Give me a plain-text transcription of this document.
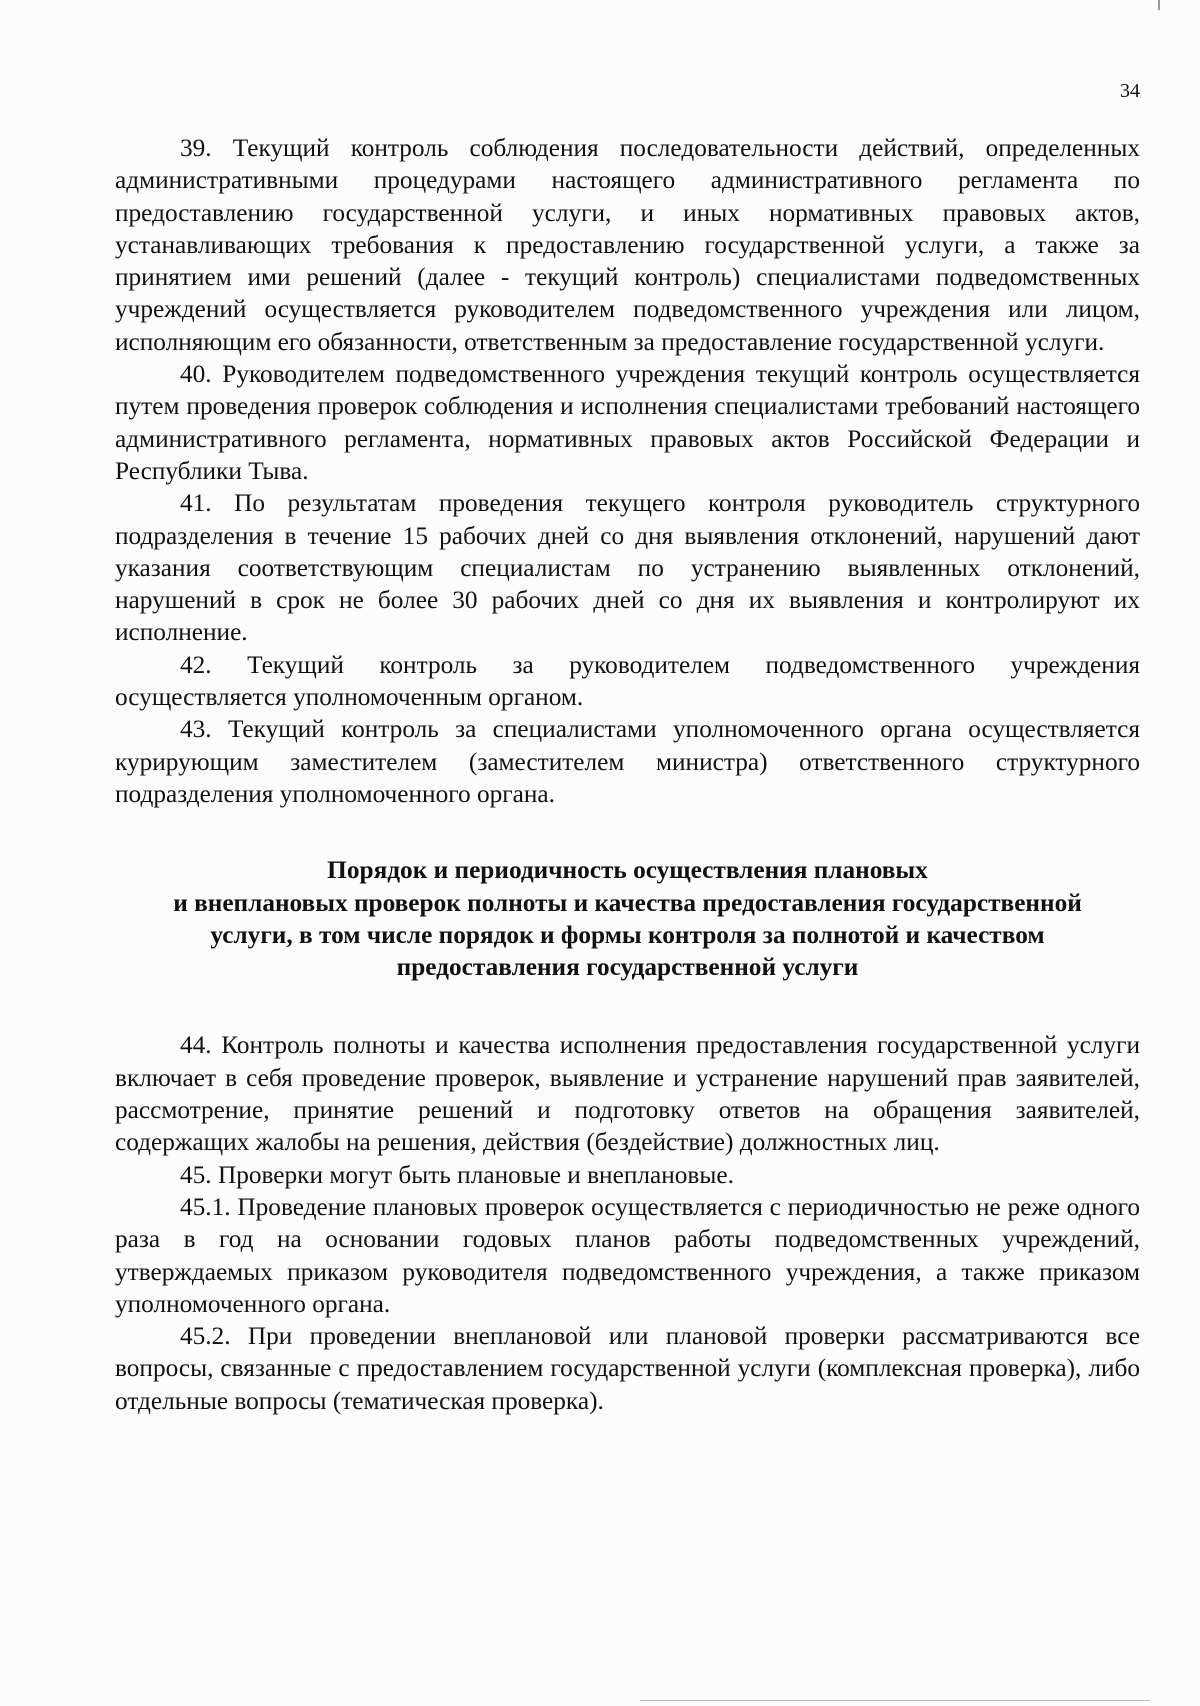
34

39. Текущий контроль соблюдения последовательности действий, определенных административными процедурами настоящего административного регламента по предоставлению государственной услуги, и иных нормативных правовых актов, устанавливающих требования к предоставлению государственной услуги, а также за принятием ими решений (далее - текущий контроль) специалистами подведомственных учреждений осуществляется руководителем подведомственного учреждения или лицом, исполняющим его обязанности, ответственным за предоставление государственной услуги.

40. Руководителем подведомственного учреждения текущий контроль осуществляется путем проведения проверок соблюдения и исполнения специалистами требований настоящего административного регламента, нормативных правовых актов Российской Федерации и Республики Тыва.

41. По результатам проведения текущего контроля руководитель структурного подразделения в течение 15 рабочих дней со дня выявления отклонений, нарушений дают указания соответствующим специалистам по устранению выявленных отклонений, нарушений в срок не более 30 рабочих дней со дня их выявления и контролируют их исполнение.

42. Текущий контроль за руководителем подведомственного учреждения осуществляется уполномоченным органом.

43. Текущий контроль за специалистами уполномоченного органа осуществляется курирующим заместителем (заместителем министра) ответственного структурного подразделения уполномоченного органа.

Порядок и периодичность осуществления плановых
и внеплановых проверок полноты и качества предоставления государственной
услуги, в том числе порядок и формы контроля за полнотой и качеством
предоставления государственной услуги

44. Контроль полноты и качества исполнения предоставления государственной услуги включает в себя проведение проверок, выявление и устранение нарушений прав заявителей, рассмотрение, принятие решений и подготовку ответов на обращения заявителей, содержащих жалобы на решения, действия (бездействие) должностных лиц.

45. Проверки могут быть плановые и внеплановые.

45.1. Проведение плановых проверок осуществляется с периодичностью не реже одного раза в год на основании годовых планов работы подведомственных учреждений, утверждаемых приказом руководителя подведомственного учреждения, а также приказом уполномоченного органа.

45.2. При проведении внеплановой или плановой проверки рассматриваются все вопросы, связанные с предоставлением государственной услуги (комплексная проверка), либо отдельные вопросы (тематическая проверка).
